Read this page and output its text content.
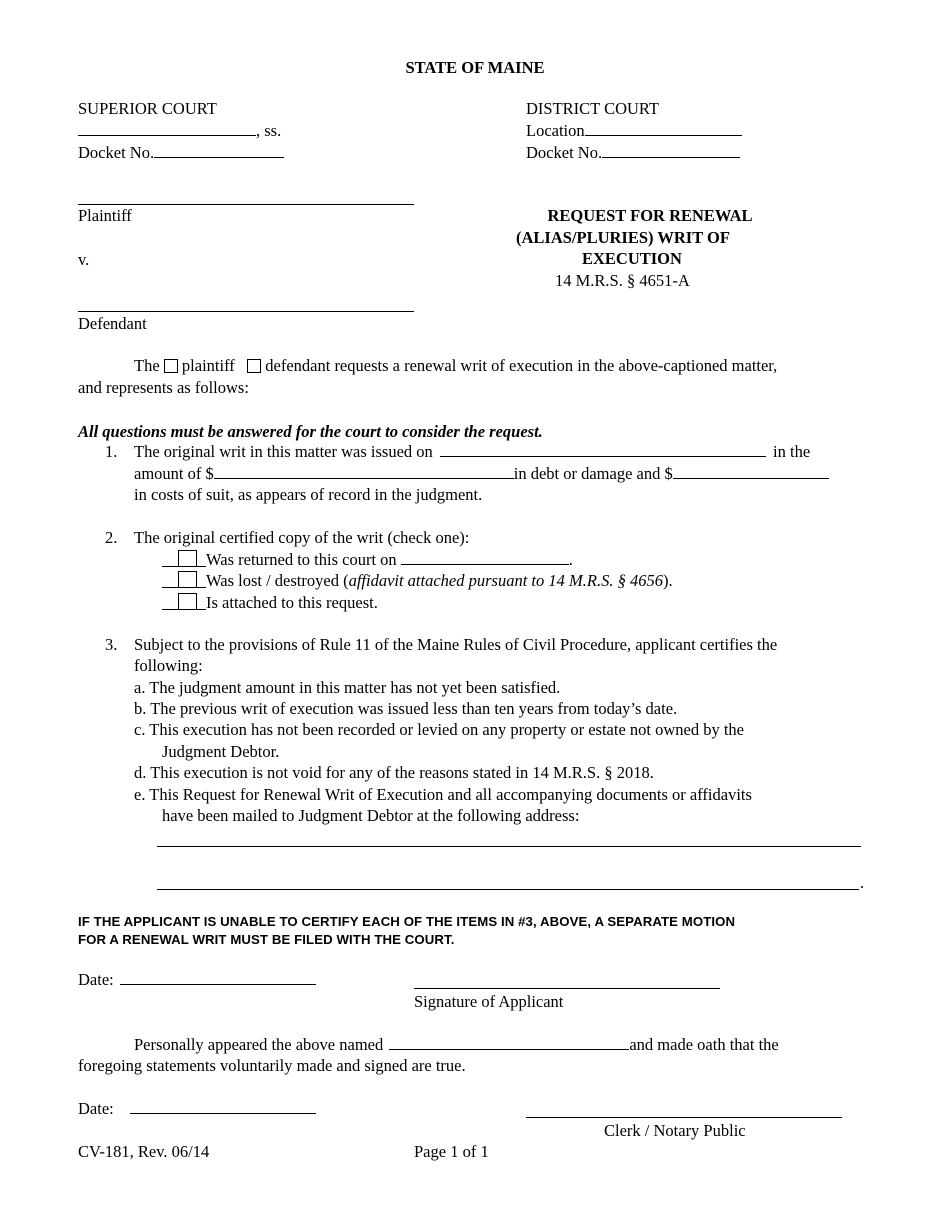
STATE OF MAINE
SUPERIOR COURT
, ss.
Docket No.
DISTRICT COURT
Location
Docket No.
Plaintiff
v.
Defendant
REQUEST FOR RENEWAL
(ALIAS/PLURIES) WRIT OF
EXECUTION
14 M.R.S. § 4651-A
The plaintiff defendant requests a renewal writ of execution in the above-captioned matter,
and represents as follows:
All questions must be answered for the court to consider the request.
1. The original writ in this matter was issued on	in the
amount of $	in debt or damage and $
in costs of suit, as appears of record in the judgment.
2. The original certified copy of the writ (check one):
Was returned to this court on	.
Was lost / destroyed (affidavit attached pursuant to 14 M.R.S. § 4656).
Is attached to this request.
3. Subject to the provisions of Rule 11 of the Maine Rules of Civil Procedure, applicant certifies the
following:
a. The judgment amount in this matter has not yet been satisfied.
b. The previous writ of execution was issued less than ten years from today’s date.
c. This execution has not been recorded or levied on any property or estate not owned by the
Judgment Debtor.
d. This execution is not void for any of the reasons stated in 14 M.R.S. § 2018.
e. This Request for Renewal Writ of Execution and all accompanying documents or affidavits
have been mailed to Judgment Debtor at the following address:
.
IF THE APPLICANT IS UNABLE TO CERTIFY EACH OF THE ITEMS IN #3, ABOVE, A SEPARATE MOTION
FOR A RENEWAL WRIT MUST BE FILED WITH THE COURT.
Date:
Signature of Applicant
Personally appeared the above named	and made oath that the
foregoing statements voluntarily made and signed are true.
Date:
Clerk / Notary Public
CV-181, Rev. 06/14	Page 1 of 1
